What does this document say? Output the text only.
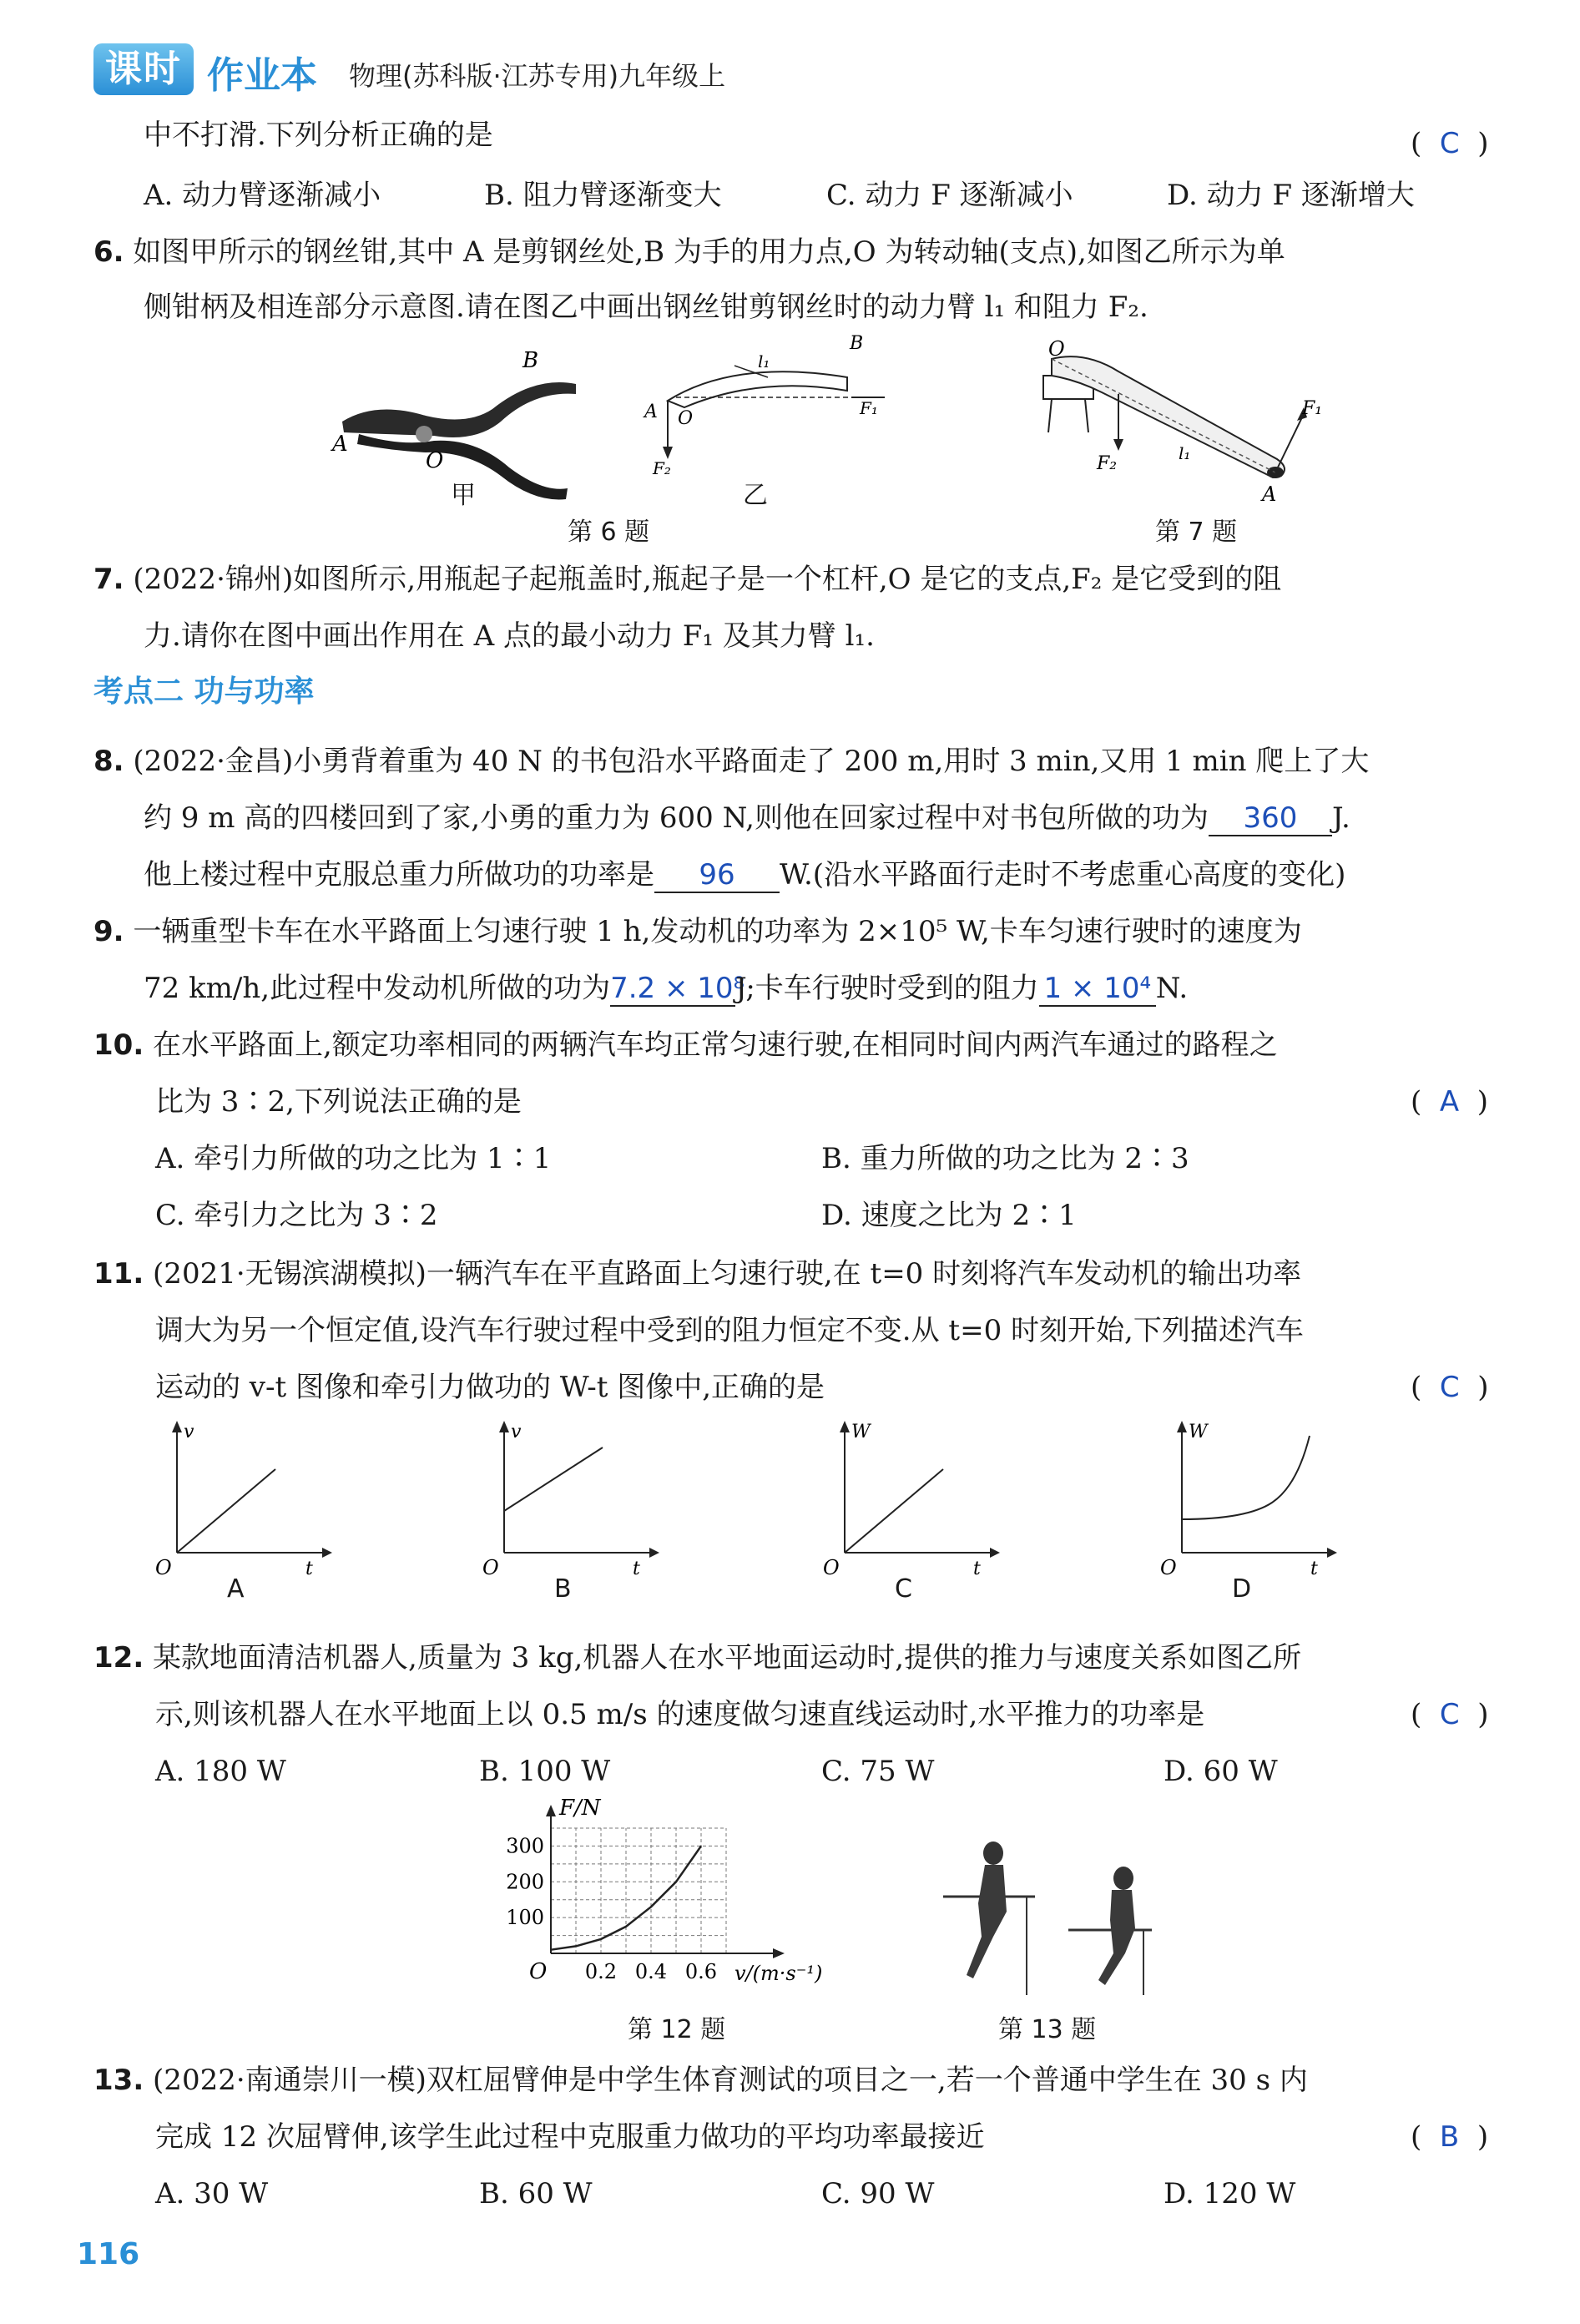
课时 作业本 物理(苏科版·江苏专用)九年级上
中不打滑.下列分析正确的是	(  C  )
A. 动力臂逐渐减小	B. 阻力臂逐渐变大	C. 动力 F 逐渐减小	D. 动力 F 逐渐增大
6. 如图甲所示的钢丝钳,其中 A 是剪钢丝处,B 为手的用力点,O 为转动轴(支点),如图乙所示为单
侧钳柄及相连部分示意图.请在图乙中画出钢丝钳剪钢丝时的动力臂 l₁ 和阻力 F₂.
A
O
B
甲
B
O
A	F₁
F₂
l₁
乙
第 6 题
O
A
F₁
F₂	l₁
第 7 题
7. (2022·锦州)如图所示,用瓶起子起瓶盖时,瓶起子是一个杠杆,O 是它的支点,F₂ 是它受到的阻
力.请你在图中画出作用在 A 点的最小动力 F₁ 及其力臂 l₁.
考点二 功与功率
8. (2022·金昌)小勇背着重为 40 N 的书包沿水平路面走了 200 m,用时 3 min,又用 1 min 爬上了大
约 9 m 高的四楼回到了家,小勇的重力为 600 N,则他在回家过程中对书包所做的功为 360 J.
他上楼过程中克服总重力所做功的功率是 96 W.(沿水平路面行走时不考虑重心高度的变化)
9. 一辆重型卡车在水平路面上匀速行驶 1 h,发动机的功率为 2×10⁵ W,卡车匀速行驶时的速度为
72 km/h,此过程中发动机所做的功为7.2 × 10⁸J;卡车行驶时受到的阻力 1 × 10⁴ N.
10. 在水平路面上,额定功率相同的两辆汽车均正常匀速行驶,在相同时间内两汽车通过的路程之
比为 3∶2,下列说法正确的是	(  A  )
A. 牵引力所做的功之比为 1∶1	B. 重力所做的功之比为 2∶3
C. 牵引力之比为 3∶2	D. 速度之比为 2∶1
11. (2021·无锡滨湖模拟)一辆汽车在平直路面上匀速行驶,在 t=0 时刻将汽车发动机的输出功率
调大为另一个恒定值,设汽车行驶过程中受到的阻力恒定不变.从 t=0 时刻开始,下列描述汽车
运动的 v-t 图像和牵引力做功的 W-t 图像中,正确的是	(  C  )
v
t
O
A
v
t
O
B
W
t
O
C
W
t
O
D
12. 某款地面清洁机器人,质量为 3 kg,机器人在水平地面运动时,提供的推力与速度关系如图乙所
示,则该机器人在水平地面上以 0.5 m/s 的速度做匀速直线运动时,水平推力的功率是	(  C  )
A. 180 W	B. 100 W	C. 75 W	D. 60 W
100
200
300
0.2 0.4 0.6
F/N
v/(m·s⁻¹)
O
第 12 题	第 13 题
13. (2022·南通崇川一模)双杠屈臂伸是中学生体育测试的项目之一,若一个普通中学生在 30 s 内
完成 12 次屈臂伸,该学生此过程中克服重力做功的平均功率最接近	(  B  )
A. 30 W	B. 60 W	C. 90 W	D. 120 W
116
